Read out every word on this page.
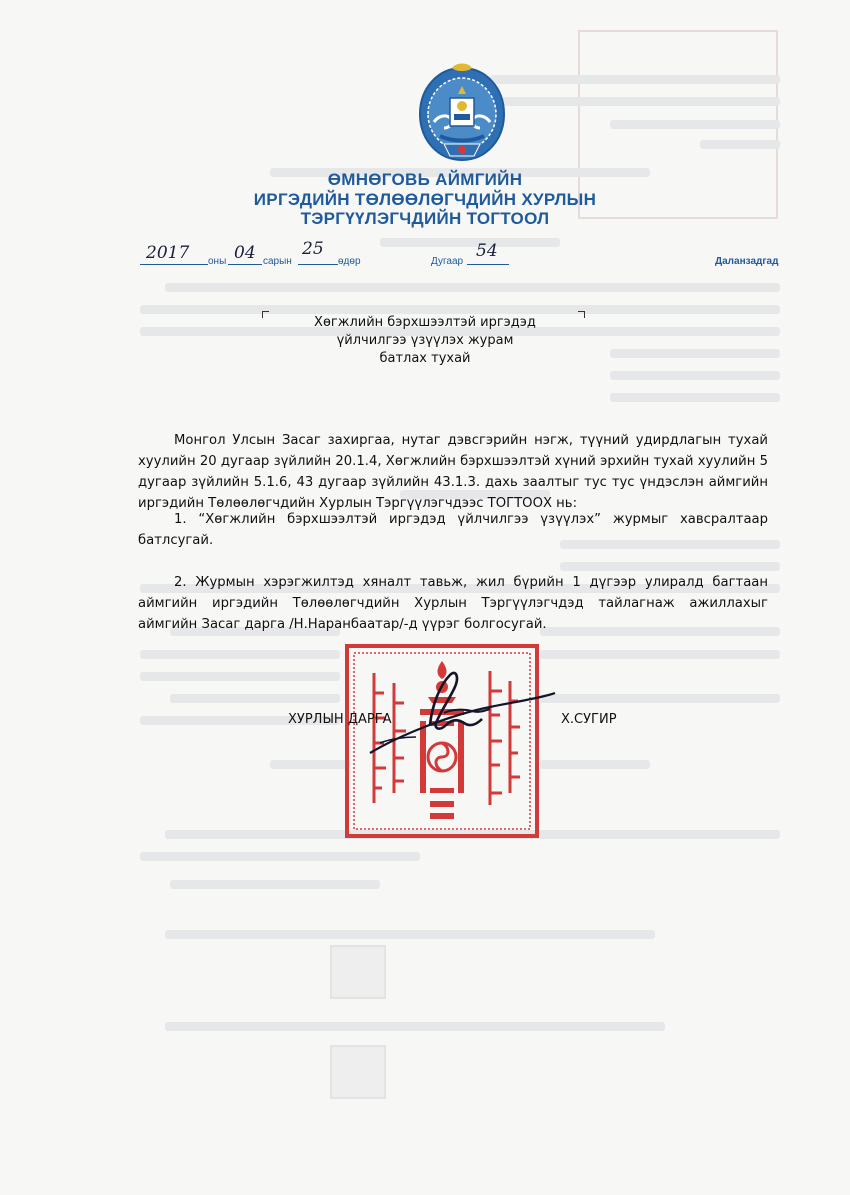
ӨМНӨГОВЬ АЙМГИЙН
ИРГЭДИЙН ТӨЛӨӨЛӨГЧДИЙН ХУРЛЫН
ТЭРГҮҮЛЭГЧДИЙН ТОГТООЛ
2017 оны 04 сарын
25
өдөр	Дугаар
54
Даланзадгад
Хөгжлийн бэрхшээлтэй иргэдэд
үйлчилгээ үзүүлэх журам
батлах тухай
Монгол Улсын Засаг захиргаа, нутаг дэвсгэрийн нэгж, түүний удирдлагын тухай хуулийн 20 дугаар зүйлийн 20.1.4, Хөгжлийн бэрхшээлтэй хүний эрхийн тухай хуулийн 5 дугаар зүйлийн 5.1.6, 43 дугаар зүйлийн 43.1.3. дахь заалтыг тус тус үндэслэн аймгийн иргэдийн Төлөөлөгчдийн Хурлын Тэргүүлэгчдээс ТОГТООХ нь:
1. “Хөгжлийн бэрхшээлтэй иргэдэд үйлчилгээ үзүүлэх” журмыг хавсралтаар батлсугай.
2. Журмын хэрэгжилтэд хяналт тавьж, жил бүрийн 1 дүгээр улиралд багтаан аймгийн иргэдийн Төлөөлөгчдийн Хурлын Тэргүүлэгчдэд тайлагнаж ажиллахыг аймгийн Засаг дарга /Н.Наранбаатар/-д үүрэг болгосугай.
ХУРЛЫН ДАРГА	Х.СУГИР
